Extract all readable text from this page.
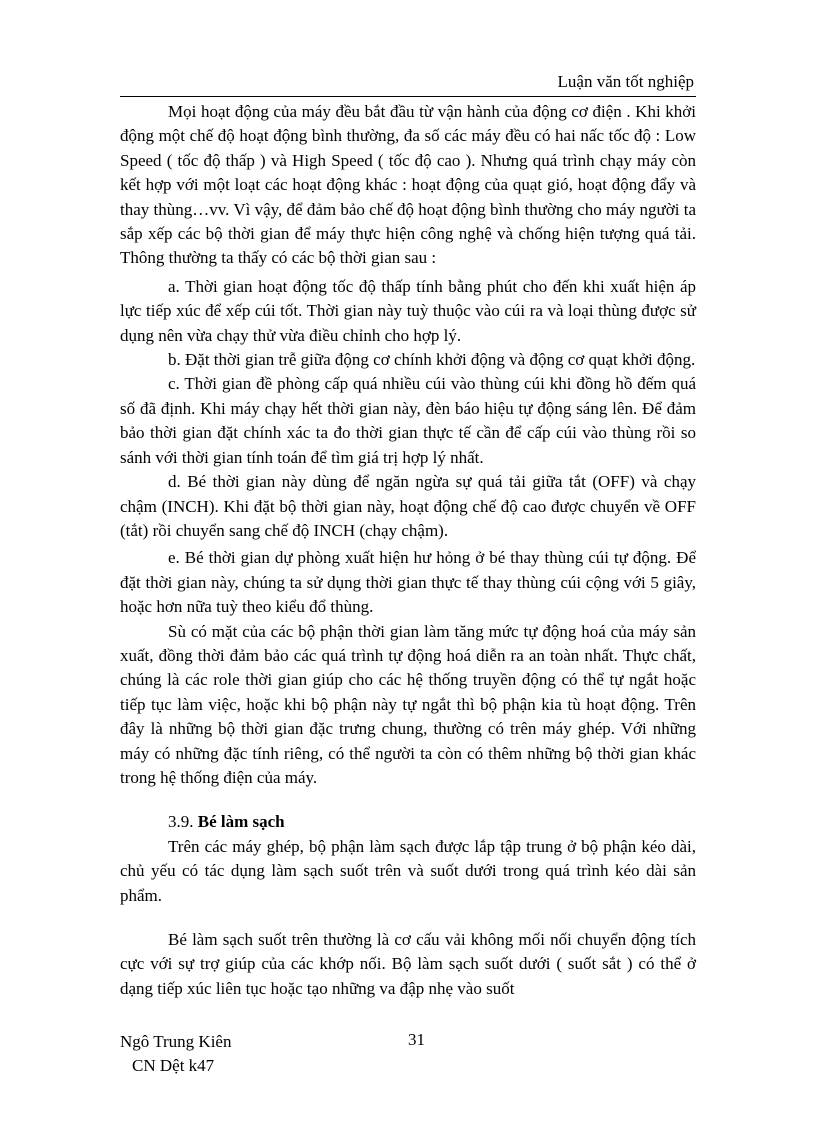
Luận văn tốt nghiệp

Mọi hoạt động của máy đều bắt đầu từ vận hành của động cơ điện . Khi khởi động một chế độ hoạt động bình thường, đa số các máy đều có hai nấc tốc độ : Low Speed ( tốc độ thấp ) và High Speed ( tốc độ cao ). Nhưng quá trình chạy máy còn kết hợp với một loạt các hoạt động khác : hoạt động của quạt gió, hoạt động đẩy và thay thùng…vv. Vì vậy, để đảm bảo chế độ hoạt động bình thường cho máy người ta sắp xếp các bộ thời gian để máy thực hiện công nghệ và chống hiện tượng quá tải. Thông thường ta thấy có các bộ thời gian sau :

a. Thời gian hoạt động tốc độ thấp tính bằng phút cho đến khi xuất hiện áp lực tiếp xúc để xếp cúi tốt. Thời gian này tuỳ thuộc vào cúi ra và loại thùng được sử dụng nên vừa chạy thử vừa điều chỉnh cho hợp lý.

b. Đặt thời gian trễ giữa động cơ chính khởi động và động cơ quạt khởi động.

c. Thời gian đề phòng cấp quá nhiều cúi vào thùng cúi khi đồng hồ đếm quá số đã định. Khi máy chạy hết thời gian này, đèn báo hiệu tự động sáng lên. Để đảm bảo thời gian đặt chính xác ta đo thời gian thực tế cần để cấp cúi vào thùng rồi so sánh với thời gian tính toán để tìm giá trị hợp lý nhất.

d. Bé thời gian này dùng để ngăn ngừa sự quá tải giữa tắt (OFF) và chạy chậm (INCH). Khi đặt bộ thời gian này, hoạt động chế độ cao được chuyển về OFF (tắt) rồi chuyển sang chế độ INCH (chạy chậm).

e. Bé thời gian dự phòng xuất hiện hư hỏng ở bé thay thùng cúi tự động. Để đặt thời gian này, chúng ta sử dụng thời gian thực tế thay thùng cúi cộng với 5 giây, hoặc hơn nữa tuỳ theo kiểu đổ thùng.

Sù có mặt của các bộ phận thời gian làm tăng mức tự động hoá của máy sản xuất, đồng thời đảm bảo các quá trình tự động hoá diễn ra an toàn nhất. Thực chất, chúng là các role thời gian giúp cho các hệ thống truyền động có thể tự ngắt hoặc tiếp tục làm việc, hoặc khi bộ phận này tự ngắt thì bộ phận kia tù hoạt động. Trên đây là những bộ thời gian đặc trưng chung, thường có trên máy ghép. Với những máy có những đặc tính riêng, có thể người ta còn có thêm những bộ thời gian khác trong hệ thống điện của máy.

3.9. Bé làm sạch

Trên các máy ghép, bộ phận làm sạch được lắp tập trung ở bộ phận kéo dài, chủ yếu có tác dụng làm sạch suốt trên và suốt dưới trong quá trình kéo dài sản phẩm.

Bé làm sạch suốt trên thường là cơ cấu vải không mối nối chuyển động tích cực với sự trợ giúp của các khớp nối. Bộ làm sạch suốt dưới ( suốt sắt ) có thể ở dạng tiếp xúc liên tục hoặc tạo những va đập nhẹ vào suốt

Ngô Trung Kiên
CN Dệt k47
31
